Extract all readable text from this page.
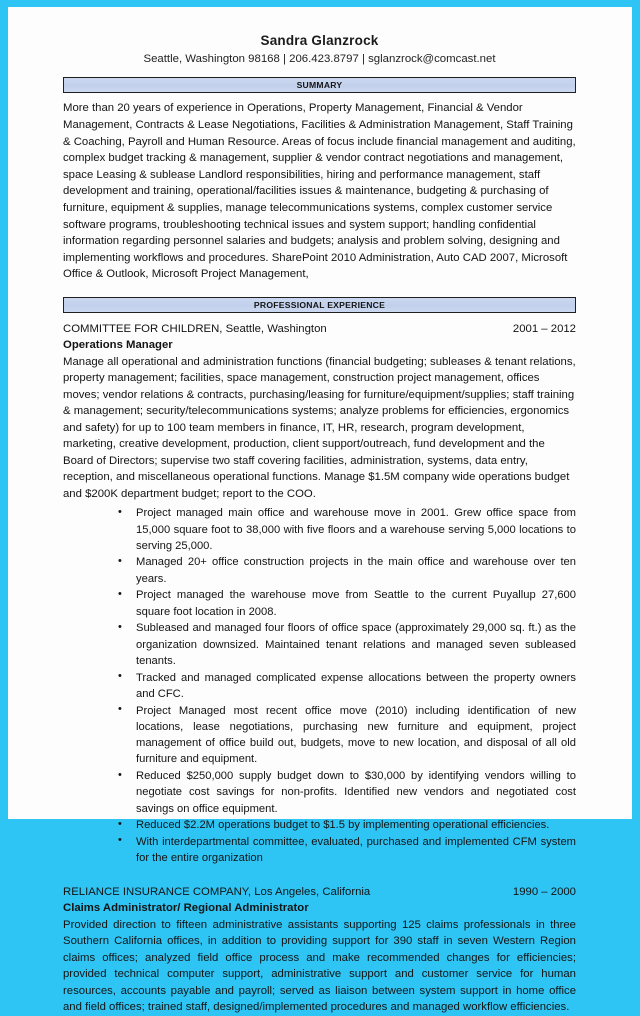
Sandra Glanzrock
Seattle, Washington 98168 | 206.423.8797 | sglanzrock@comcast.net
SUMMARY
More than 20 years of experience in Operations, Property Management, Financial & Vendor Management, Contracts & Lease Negotiations, Facilities & Administration Management, Staff Training & Coaching, Payroll and Human Resource. Areas of focus include financial management and auditing, complex budget tracking & management, supplier & vendor contract negotiations and management, space Leasing & sublease Landlord responsibilities, hiring and performance management, staff development and training, operational/facilities issues & maintenance, budgeting & purchasing of furniture, equipment & supplies, manage telecommunications systems, complex customer service software programs, troubleshooting technical issues and system support; handling confidential information regarding personnel salaries and budgets; analysis and problem solving, designing and implementing workflows and procedures. SharePoint 2010 Administration, Auto CAD 2007, Microsoft Office & Outlook, Microsoft Project Management,
PROFESSIONAL EXPERIENCE
COMMITTEE FOR CHILDREN, Seattle, Washington	2001 – 2012
Operations Manager
Manage all operational and administration functions (financial budgeting; subleases & tenant relations, property management; facilities, space management, construction project management, offices moves; vendor relations & contracts, purchasing/leasing for furniture/equipment/supplies; staff training & management; security/telecommunications systems; analyze problems for efficiencies, ergonomics and safety) for up to 100 team members in finance, IT, HR, research, program development, marketing, creative development, production, client support/outreach, fund development and the Board of Directors; supervise two staff covering facilities, administration, systems, data entry, reception, and miscellaneous operational functions. Manage $1.5M company wide operations budget and $200K department budget; report to the COO.
• Project managed main office and warehouse move in 2001. Grew office space from 15,000 square foot to 38,000 with five floors and a warehouse serving 5,000 locations to serving 25,000.
• Managed 20+ office construction projects in the main office and warehouse over ten years.
• Project managed the warehouse move from Seattle to the current Puyallup 27,600 square foot location in 2008.
• Subleased and managed four floors of office space (approximately 29,000 sq. ft.) as the organization downsized. Maintained tenant relations and managed seven subleased tenants.
• Tracked and managed complicated expense allocations between the property owners and CFC.
• Project Managed most recent office move (2010) including identification of new locations, lease negotiations, purchasing new furniture and equipment, project management of office build out, budgets, move to new location, and disposal of all old furniture and equipment.
• Reduced $250,000 supply budget down to $30,000 by identifying vendors willing to negotiate cost savings for non-profits. Identified new vendors and negotiated cost savings on office equipment.
• Reduced $2.2M operations budget to $1.5 by implementing operational efficiencies.
• With interdepartmental committee, evaluated, purchased and implemented CFM system for the entire organization
RELIANCE INSURANCE COMPANY, Los Angeles, California	1990 – 2000
Claims Administrator/ Regional Administrator
Provided direction to fifteen administrative assistants supporting 125 claims professionals in three Southern California offices, in addition to providing support for 390 staff in seven Western Region claims offices; analyzed field office process and make recommended changes for efficiencies; provided technical computer support, administrative support and customer service for human resources, accounts payable and payroll; served as liaison between system support in home office and field offices; trained staff, designed/implemented procedures and managed workflow efficiencies.
